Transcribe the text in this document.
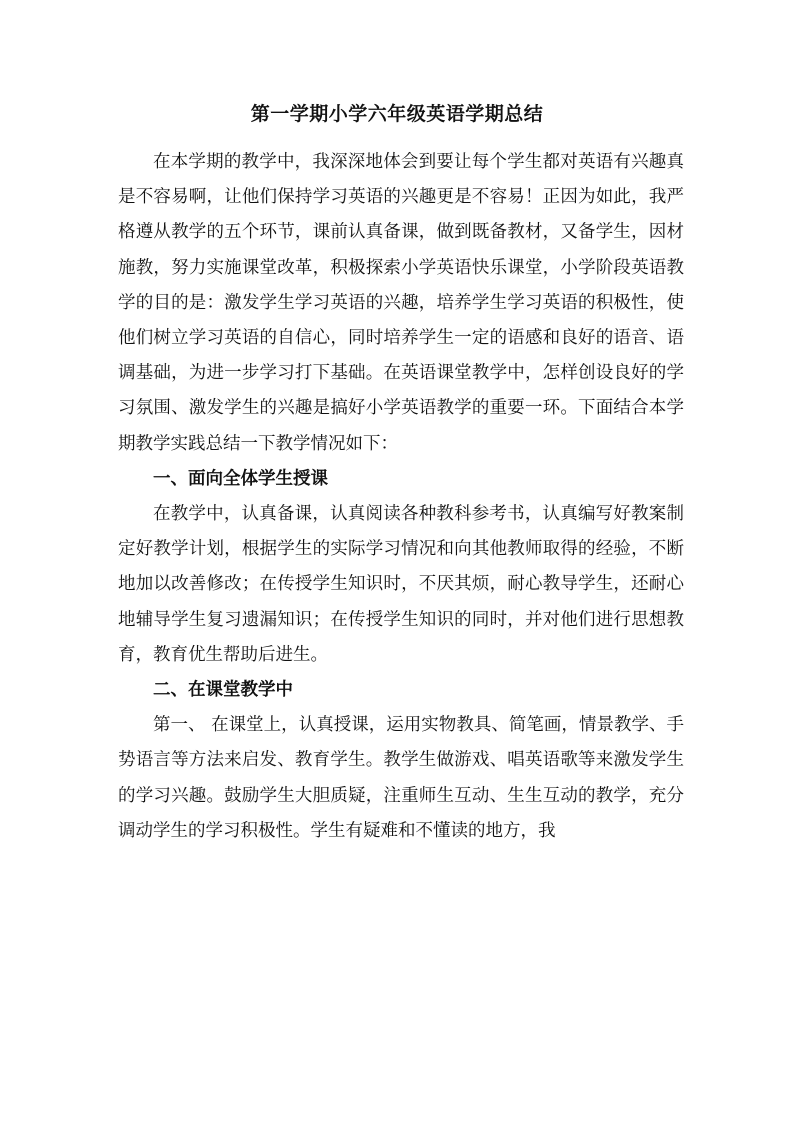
第一学期小学六年级英语学期总结

在本学期的教学中，我深深地体会到要让每个学生都对英语有兴趣真是不容易啊，让他们保持学习英语的兴趣更是不容易！正因为如此，我严格遵从教学的五个环节，课前认真备课，做到既备教材，又备学生，因材施教，努力实施课堂改革，积极探索小学英语快乐课堂，小学阶段英语教学的目的是：激发学生学习英语的兴趣，培养学生学习英语的积极性，使他们树立学习英语的自信心，同时培养学生一定的语感和良好的语音、语调基础，为进一步学习打下基础。在英语课堂教学中，怎样创设良好的学习氛围、激发学生的兴趣是搞好小学英语教学的重要一环。下面结合本学期教学实践总结一下教学情况如下：

一、面向全体学生授课

在教学中，认真备课，认真阅读各种教科参考书，认真编写好教案制定好教学计划，根据学生的实际学习情况和向其他教师取得的经验，不断地加以改善修改；在传授学生知识时，不厌其烦，耐心教导学生，还耐心地辅导学生复习遗漏知识；在传授学生知识的同时，并对他们进行思想教育，教育优生帮助后进生。

二、在课堂教学中

第一、 在课堂上，认真授课，运用实物教具、简笔画，情景教学、手势语言等方法来启发、教育学生。教学生做游戏、唱英语歌等来激发学生的学习兴趣。鼓励学生大胆质疑，注重师生互动、生生互动的教学，充分调动学生的学习积极性。学生有疑难和不懂读的地方，我
